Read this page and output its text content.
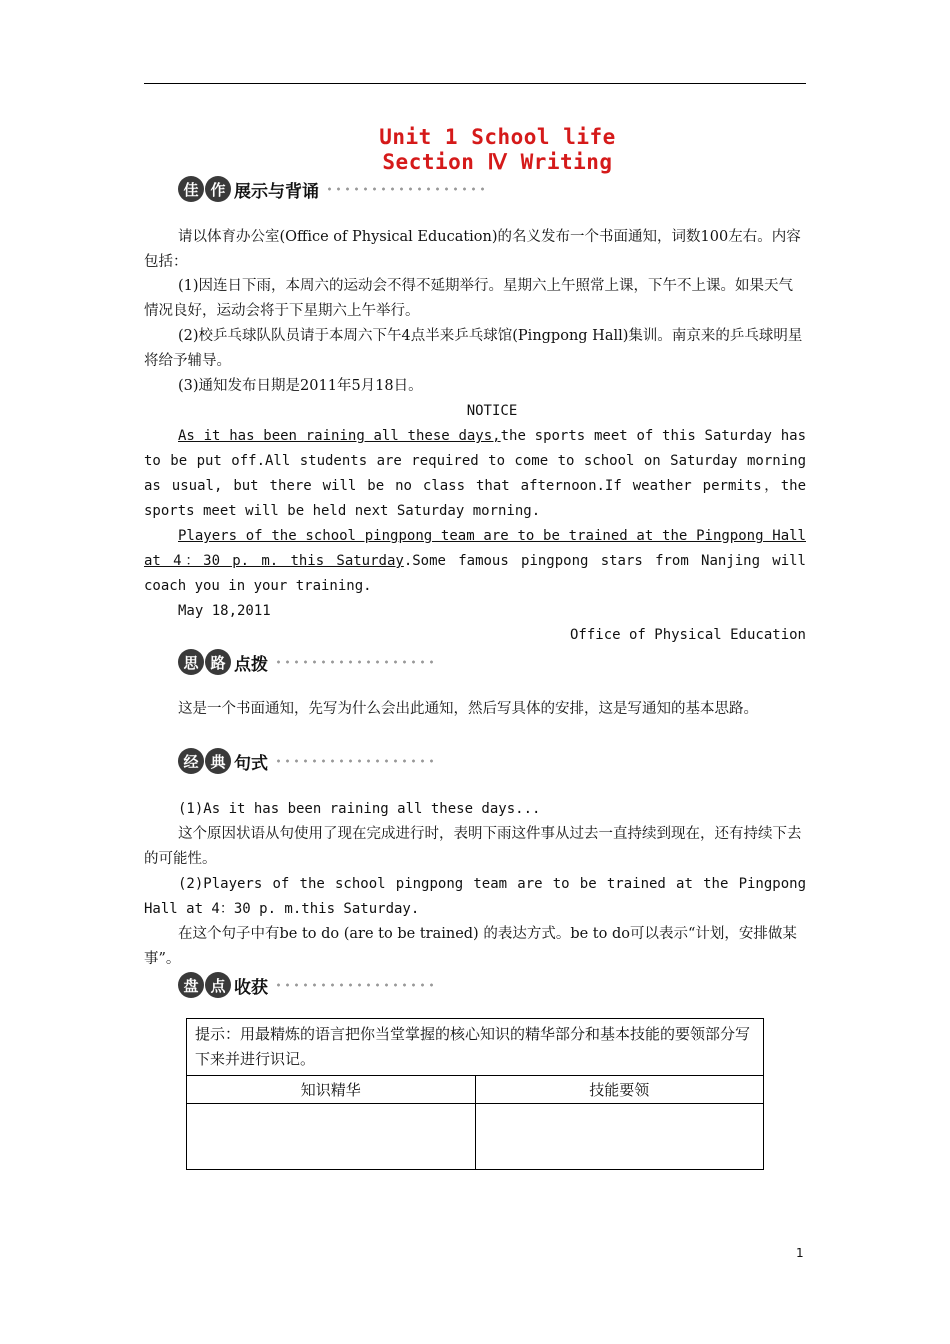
Unit 1 School life
Section Ⅳ Writing
佳 作 展示与背诵
请以体育办公室(Office of Physical Education)的名义发布一个书面通知，词数100左右。内容包括：
(1)因连日下雨，本周六的运动会不得不延期举行。星期六上午照常上课，下午不上课。如果天气情况良好，运动会将于下星期六上午举行。
(2)校乒乓球队队员请于本周六下午4点半来乒乓球馆(Pingpong Hall)集训。南京来的乒乓球明星将给予辅导。
(3)通知发布日期是2011年5月18日。
NOTICE
As it has been raining all these days,the sports meet of this Saturday has to be put off.All students are required to come to school on Saturday morning as usual, but there will be no class that afternoon.If weather permits，the sports meet will be held next Saturday morning.
Players of the school pingpong team are to be trained at the Pingpong Hall at 4：30 p. m. this Saturday.Some famous pingpong stars from Nanjing will coach you in your training.
May 18,2011
Office of Physical Education
思 路 点拨
这是一个书面通知，先写为什么会出此通知，然后写具体的安排，这是写通知的基本思路。
经 典 句式
(1)As it has been raining all these days...
这个原因状语从句使用了现在完成进行时，表明下雨这件事从过去一直持续到现在，还有持续下去的可能性。
(2)Players of the school pingpong team are to be trained at the Pingpong Hall at 4：30 p. m.this Saturday.
在这个句子中有be to do (are to be trained) 的表达方式。be to do可以表示“计划，安排做某事”。
盘 点 收获
提示：用最精炼的语言把你当堂掌握的核心知识的精华部分和基本技能的要领部分写下来并进行识记。	
知识精华	技能要领

1
